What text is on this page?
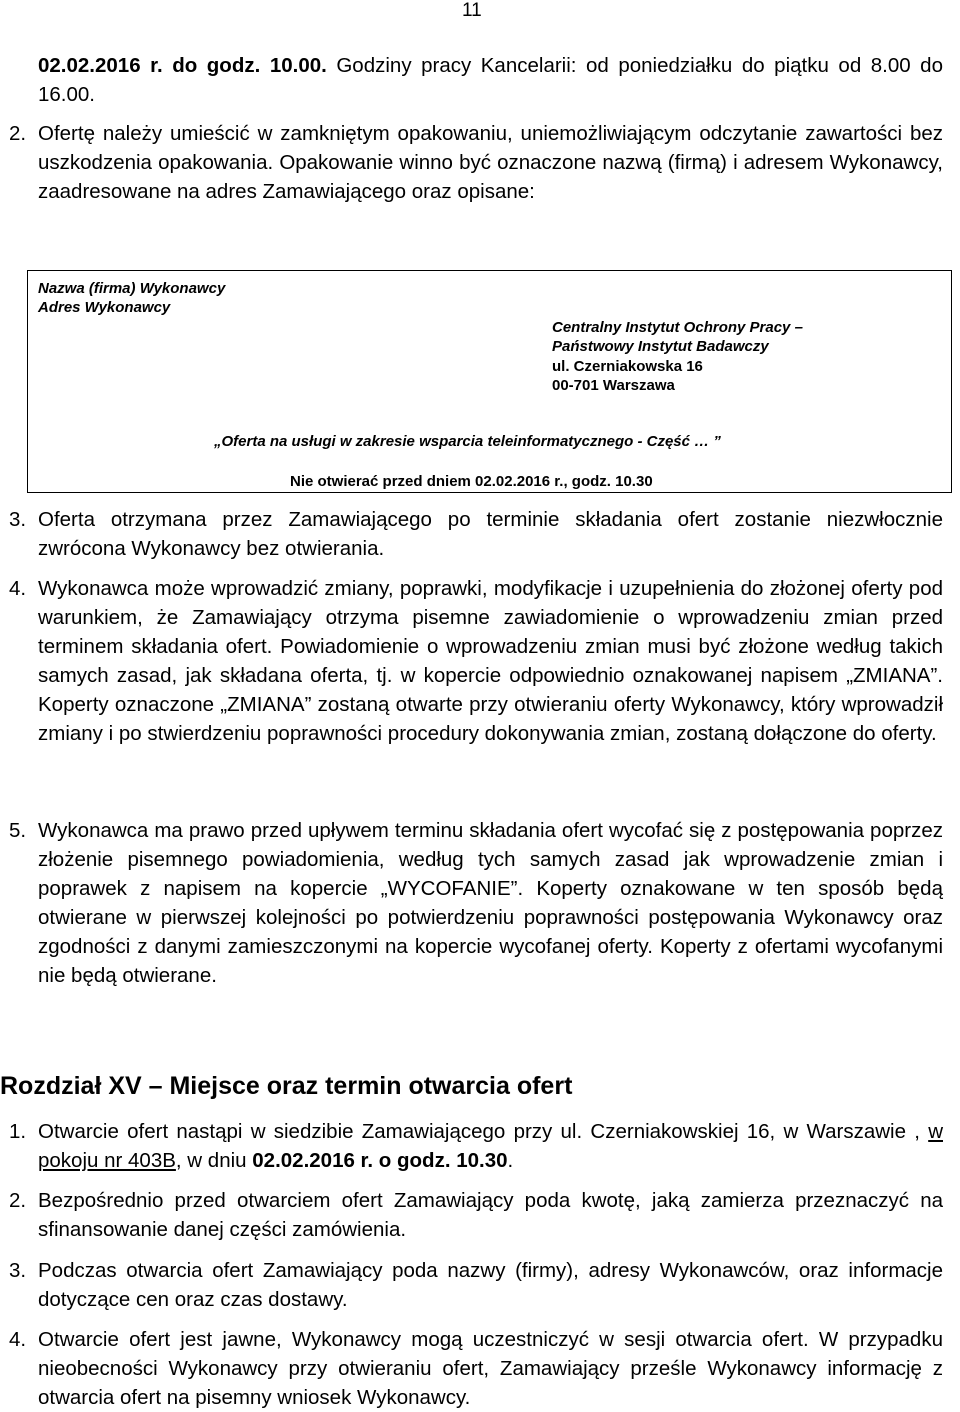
11
02.02.2016 r. do godz. 10.00. Godziny pracy Kancelarii: od poniedziałku do piątku od 8.00 do 16.00.
2. Ofertę należy umieścić w zamkniętym opakowaniu, uniemożliwiającym odczytanie zawartości bez uszkodzenia opakowania. Opakowanie winno być oznaczone nazwą (firmą) i adresem Wykonawcy, zaadresowane na adres Zamawiającego oraz opisane:
Nazwa (firma) Wykonawcy
Adres Wykonawcy
Centralny Instytut Ochrony Pracy –
Państwowy Instytut Badawczy
ul. Czerniakowska 16
00-701 Warszawa
„Oferta na usługi w zakresie wsparcia teleinformatycznego - Część … ”
Nie otwierać przed dniem 02.02.2016 r., godz. 10.30
3. Oferta otrzymana przez Zamawiającego po terminie składania ofert zostanie niezwłocznie zwrócona Wykonawcy bez otwierania.
4. Wykonawca może wprowadzić zmiany, poprawki, modyfikacje i uzupełnienia do złożonej oferty pod warunkiem, że Zamawiający otrzyma pisemne zawiadomienie o wprowadzeniu zmian przed terminem składania ofert. Powiadomienie o wprowadzeniu zmian musi być złożone według takich samych zasad, jak składana oferta, tj. w kopercie odpowiednio oznakowanej napisem „ZMIANA”. Koperty oznaczone „ZMIANA” zostaną otwarte przy otwieraniu oferty Wykonawcy, który wprowadził zmiany i po stwierdzeniu poprawności procedury dokonywania zmian, zostaną dołączone do oferty.
5. Wykonawca ma prawo przed upływem terminu składania ofert wycofać się z postępowania poprzez złożenie pisemnego powiadomienia, według tych samych zasad jak wprowadzenie zmian i poprawek z napisem na kopercie „WYCOFANIE”. Koperty oznakowane w ten sposób będą otwierane w pierwszej kolejności po potwierdzeniu poprawności postępowania Wykonawcy oraz zgodności z danymi zamieszczonymi na kopercie wycofanej oferty. Koperty z ofertami wycofanymi nie będą otwierane.
Rozdział XV – Miejsce oraz termin otwarcia ofert
1. Otwarcie ofert nastąpi w siedzibie Zamawiającego przy ul. Czerniakowskiej 16, w Warszawie , w pokoju nr 403B, w dniu 02.02.2016 r. o godz. 10.30.
2. Bezpośrednio przed otwarciem ofert Zamawiający poda kwotę, jaką zamierza przeznaczyć na sfinansowanie danej części zamówienia.
3. Podczas otwarcia ofert Zamawiający poda nazwy (firmy), adresy Wykonawców, oraz informacje dotyczące cen oraz czas dostawy.
4. Otwarcie ofert jest jawne, Wykonawcy mogą uczestniczyć w sesji otwarcia ofert. W przypadku nieobecności Wykonawcy przy otwieraniu ofert, Zamawiający prześle Wykonawcy informację z otwarcia ofert na pisemny wniosek Wykonawcy.
